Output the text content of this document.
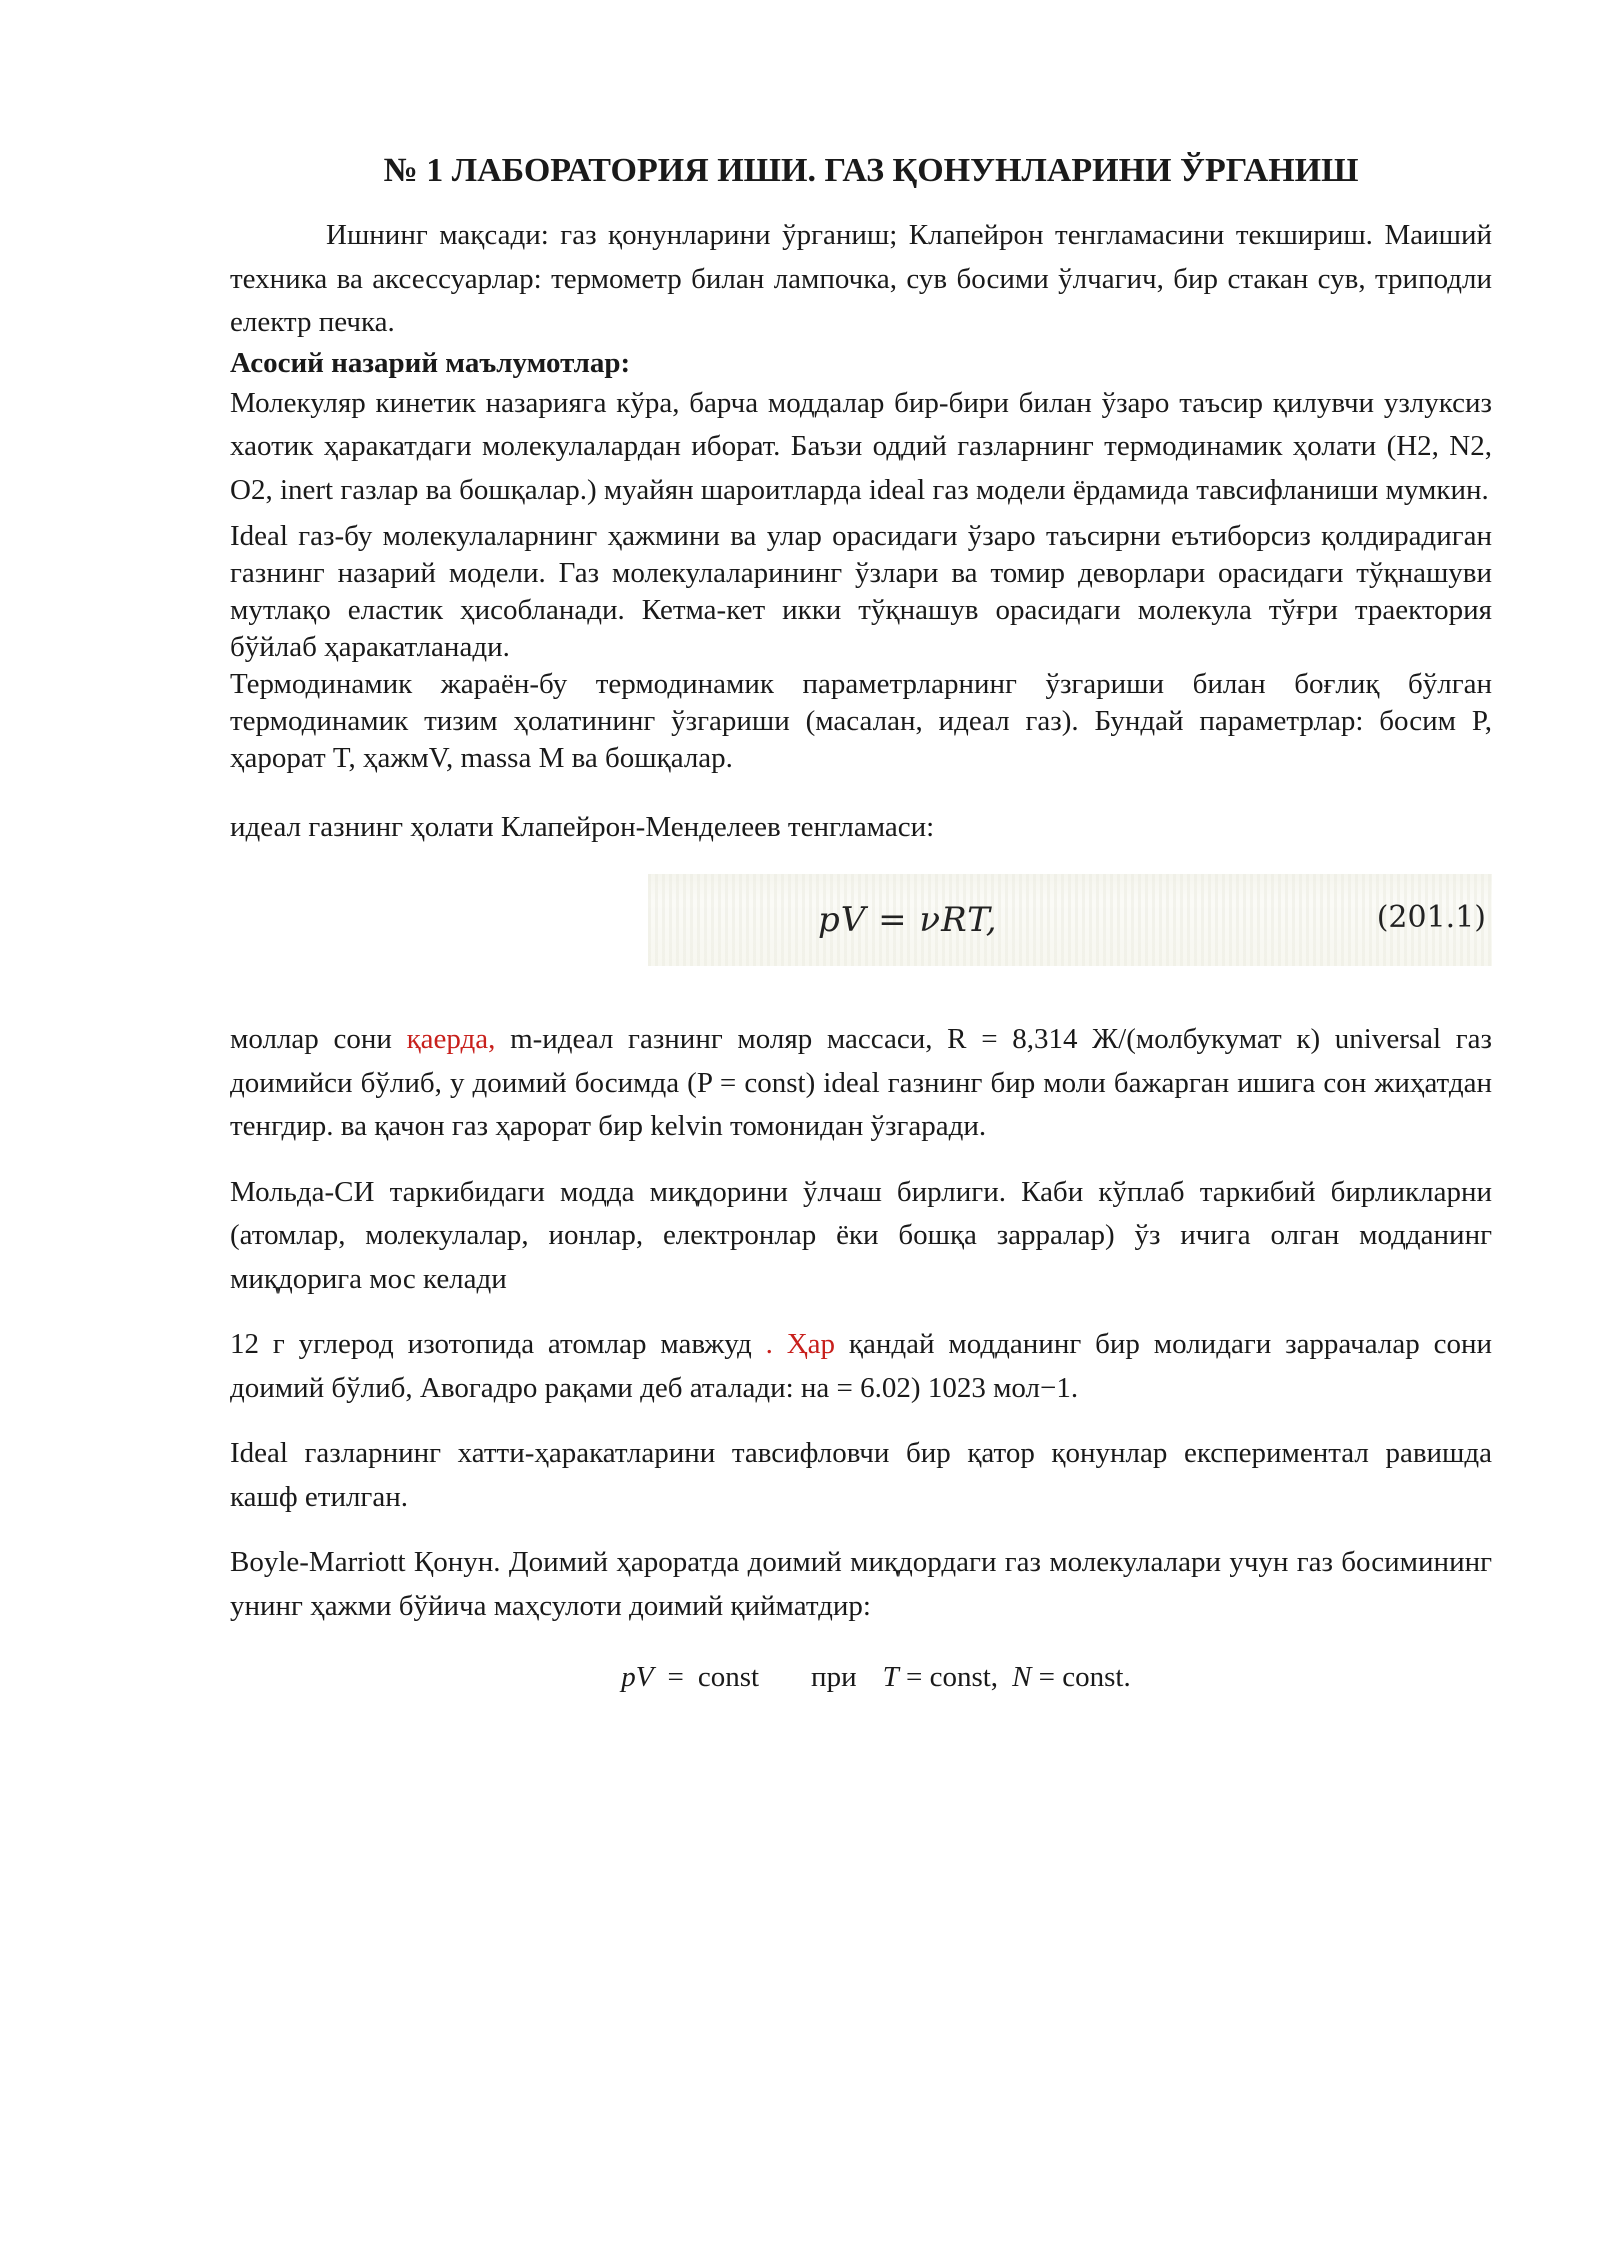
№ 1 ЛАБОРАТОРИЯ ИШИ. ГАЗ ҚОНУНЛАРИНИ ЎРГАНИШ

Ишнинг мақсади: газ қонунларини ўрганиш; Клапейрон тенгламасини текшириш. Маиший техника ва аксессуарлар: термометр билан лампочка, сув босими ўлчагич, бир стакан сув, триподли електр печка.

Асосий назарий маълумотлар:

Молекуляр кинетик назарияга кўра, барча моддалар бир-бири билан ўзаро таъсир қилувчи узлуксиз хаотик ҳаракатдаги молекулалардан иборат. Баъзи оддий газларнинг термодинамик ҳолати (H2, N2, O2, inert газлар ва бошқалар.) муайян шароитларда ideal газ модели ёрдамида тавсифланиши мумкин.

Ideal газ-бу молекулаларнинг ҳажмини ва улар орасидаги ўзаро таъсирни еътиборсиз қолдирадиган газнинг назарий модели. Газ молекулаларининг ўзлари ва томир деворлари орасидаги тўқнашуви мутлақо еластик ҳисобланади. Кетма-кет икки тўқнашув орасидаги молекула тўғри траектория бўйлаб ҳаракатланади.

Термодинамик жараён-бу термодинамик параметрларнинг ўзгариши билан боғлиқ бўлган термодинамик тизим ҳолатининг ўзгариши (масалан, идеал газ). Бундай параметрлар: босим P, ҳарорат T, ҳажмV, massa M ва бошқалар.

идеал газнинг ҳолати Клапейрон-Менделеев тенгламаси:

pV = νRT,	(201.1)

моллар сони қаерда, m-идеал газнинг моляр массаси, R = 8,314 Ж/(молбукумат к) universal газ доимийси бўлиб, у доимий босимда (P = const) ideal газнинг бир моли бажарган ишига сон жиҳатдан тенгдир. ва қачон газ ҳарорат бир kelvin томонидан ўзгаради.

Мольда-СИ таркибидаги модда миқдорини ўлчаш бирлиги. Каби кўплаб таркибий бирликларни (атомлар, молекулалар, ионлар, електронлар ёки бошқа зарралар) ўз ичига олган модданинг миқдорига мос келади

12 г углерод изотопида атомлар мавжуд . Ҳар қандай модданинг бир молидаги заррачалар сони доимий бўлиб, Авогадро рақами деб аталади: на = 6.02) 1023 мол−1.

Ideal газларнинг хатти-ҳаракатларини тавсифловчи бир қатор қонунлар експериментал равишда кашф етилган.

Boyle-Marriott Қонун. Доимий ҳароратда доимий миқдордаги газ молекулалари учун газ босимининг унинг ҳажми бўйича маҳсулоти доимий қийматдир:

pV = const при T = const, N = const.
